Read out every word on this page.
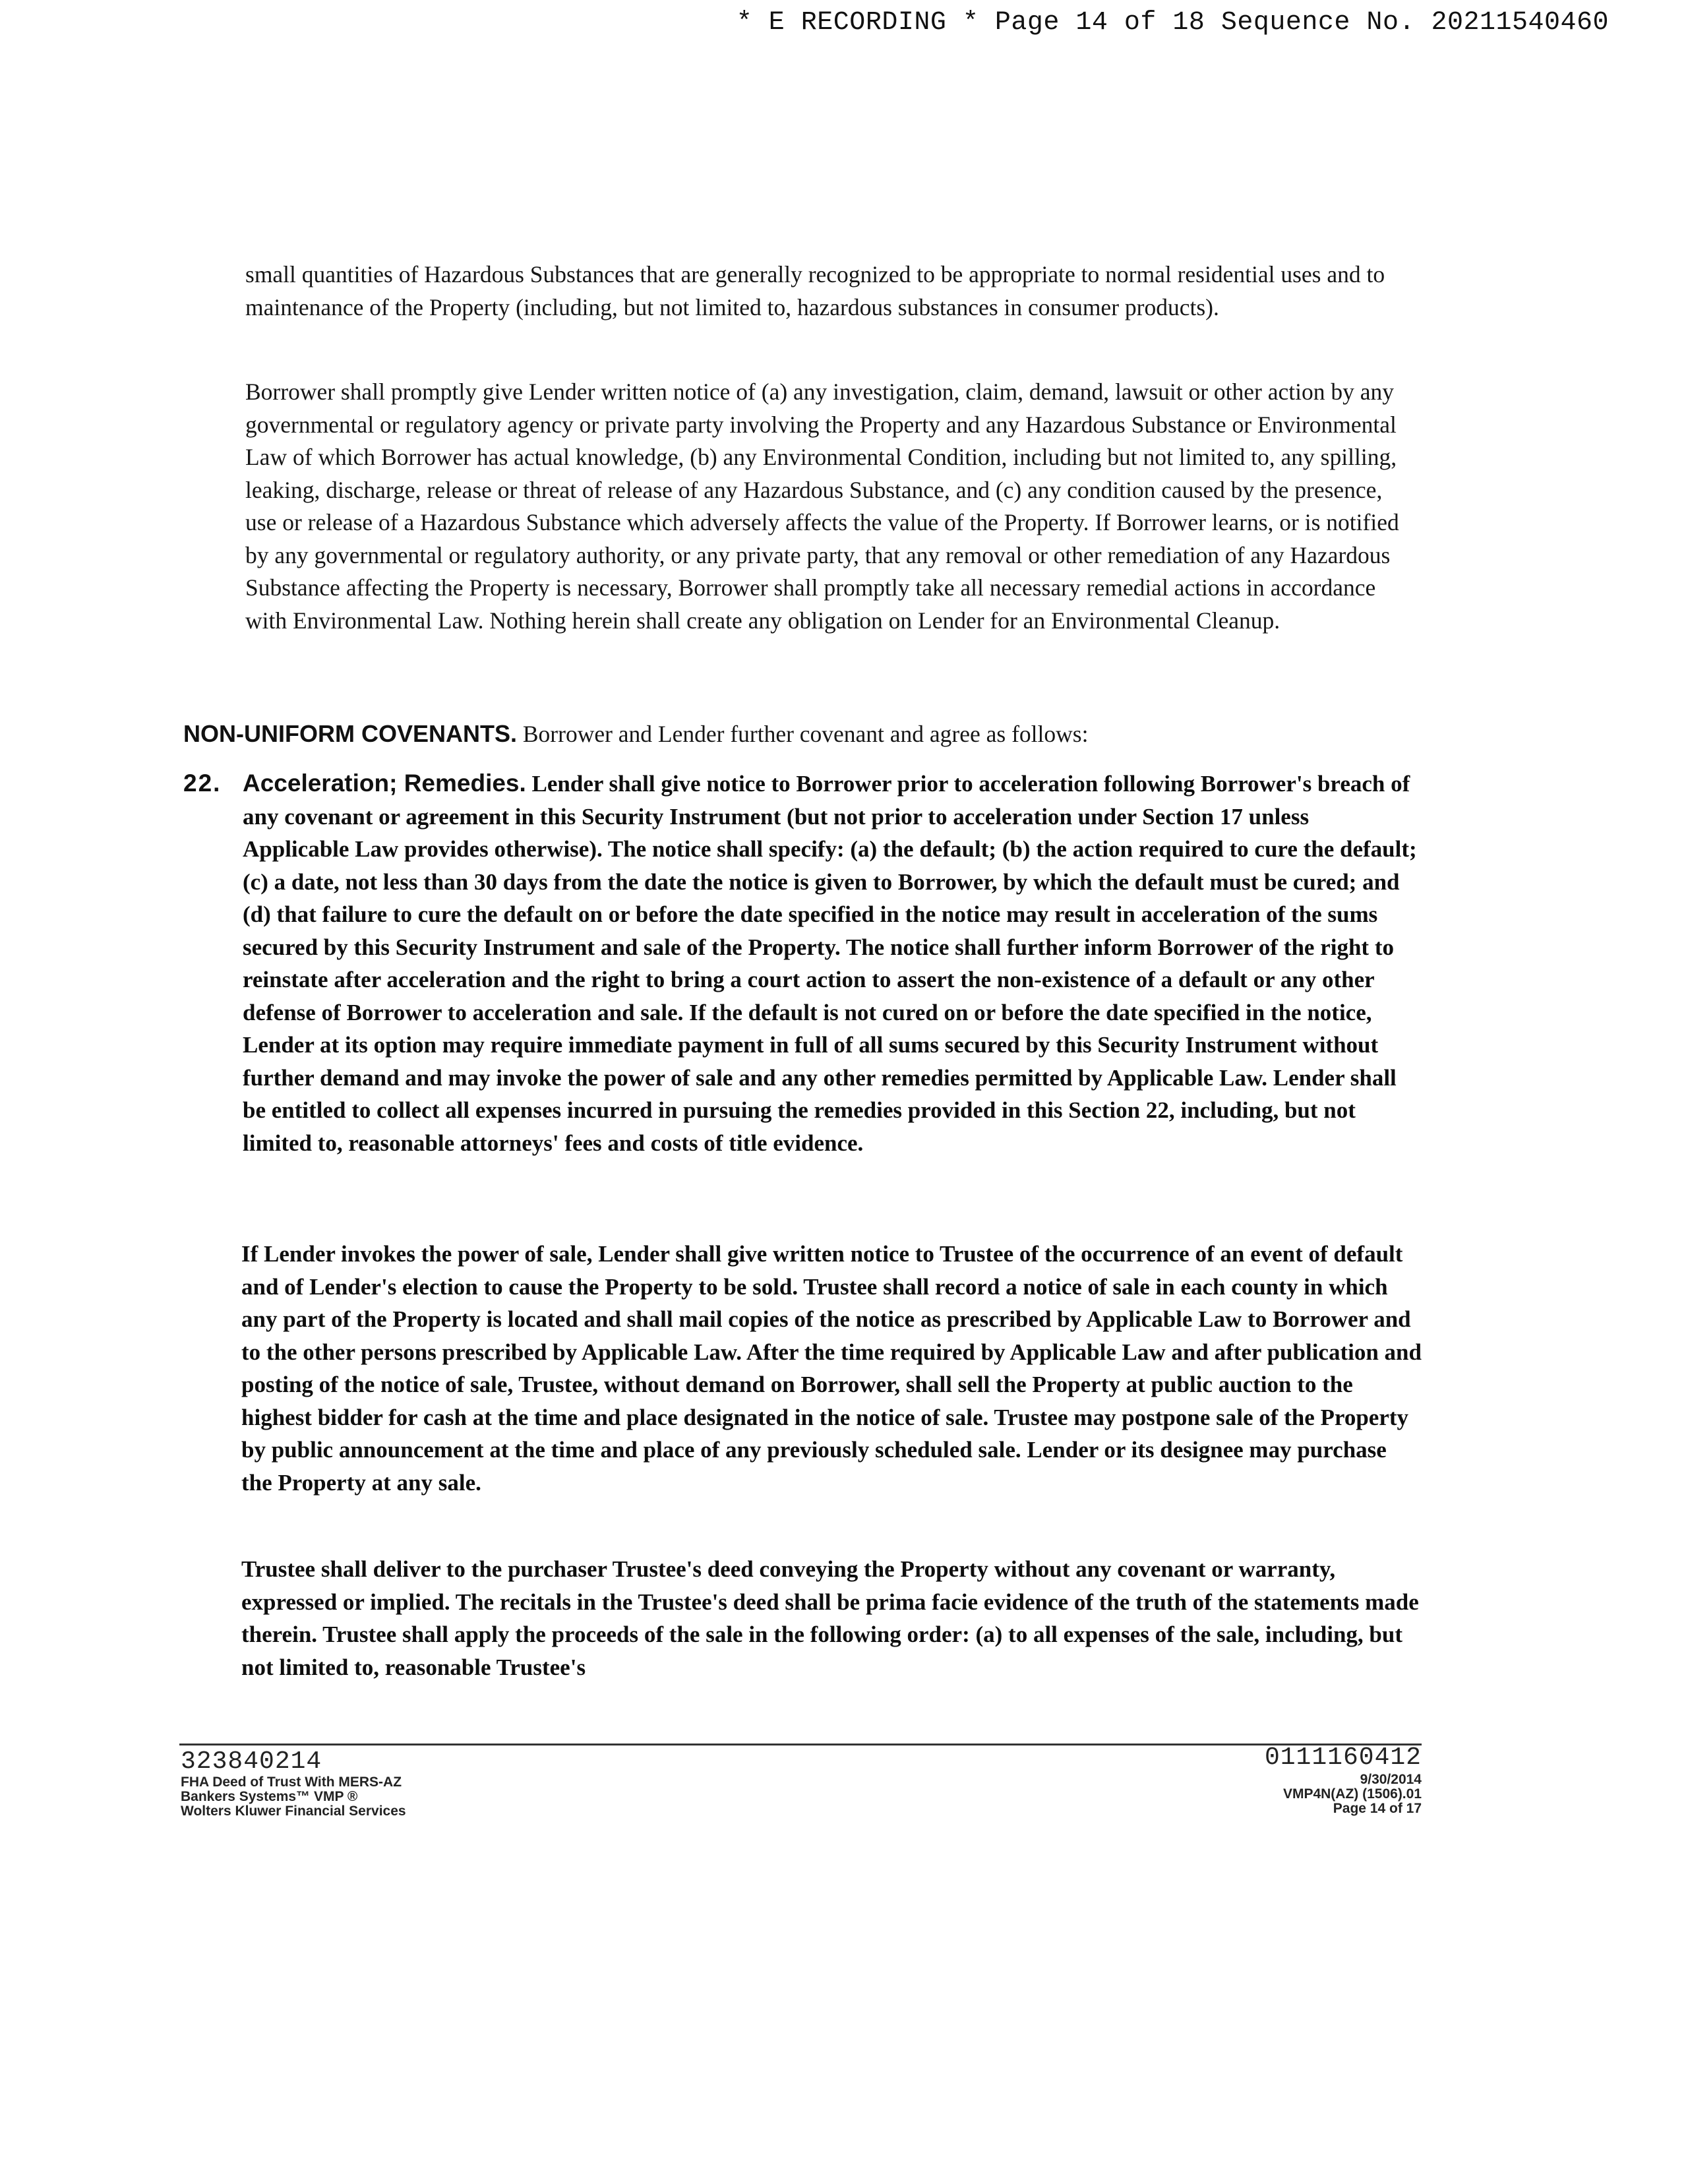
* E RECORDING * Page 14 of 18 Sequence No. 20211540460

small quantities of Hazardous Substances that are generally recognized to be appropriate to normal residential uses and to maintenance of the Property (including, but not limited to, hazardous substances in consumer products).

Borrower shall promptly give Lender written notice of (a) any investigation, claim, demand, lawsuit or other action by any governmental or regulatory agency or private party involving the Property and any Hazardous Substance or Environmental Law of which Borrower has actual knowledge, (b) any Environmental Condition, including but not limited to, any spilling, leaking, discharge, release or threat of release of any Hazardous Substance, and (c) any condition caused by the presence, use or release of a Hazardous Substance which adversely affects the value of the Property. If Borrower learns, or is notified by any governmental or regulatory authority, or any private party, that any removal or other remediation of any Hazardous Substance affecting the Property is necessary, Borrower shall promptly take all necessary remedial actions in accordance with Environmental Law. Nothing herein shall create any obligation on Lender for an Environmental Cleanup.

NON-UNIFORM COVENANTS. Borrower and Lender further covenant and agree as follows:
22. Acceleration; Remedies. Lender shall give notice to Borrower prior to acceleration following Borrower's breach of any covenant or agreement in this Security Instrument (but not prior to acceleration under Section 17 unless Applicable Law provides otherwise). The notice shall specify: (a) the default; (b) the action required to cure the default; (c) a date, not less than 30 days from the date the notice is given to Borrower, by which the default must be cured; and (d) that failure to cure the default on or before the date specified in the notice may result in acceleration of the sums secured by this Security Instrument and sale of the Property. The notice shall further inform Borrower of the right to reinstate after acceleration and the right to bring a court action to assert the non-existence of a default or any other defense of Borrower to acceleration and sale. If the default is not cured on or before the date specified in the notice, Lender at its option may require immediate payment in full of all sums secured by this Security Instrument without further demand and may invoke the power of sale and any other remedies permitted by Applicable Law. Lender shall be entitled to collect all expenses incurred in pursuing the remedies provided in this Section 22, including, but not limited to, reasonable attorneys' fees and costs of title evidence.

If Lender invokes the power of sale, Lender shall give written notice to Trustee of the occurrence of an event of default and of Lender's election to cause the Property to be sold. Trustee shall record a notice of sale in each county in which any part of the Property is located and shall mail copies of the notice as prescribed by Applicable Law to Borrower and to the other persons prescribed by Applicable Law. After the time required by Applicable Law and after publication and posting of the notice of sale, Trustee, without demand on Borrower, shall sell the Property at public auction to the highest bidder for cash at the time and place designated in the notice of sale. Trustee may postpone sale of the Property by public announcement at the time and place of any previously scheduled sale. Lender or its designee may purchase the Property at any sale.

Trustee shall deliver to the purchaser Trustee's deed conveying the Property without any covenant or warranty, expressed or implied. The recitals in the Trustee's deed shall be prima facie evidence of the truth of the statements made therein. Trustee shall apply the proceeds of the sale in the following order: (a) to all expenses of the sale, including, but not limited to, reasonable Trustee's

323840214
FHA Deed of Trust With MERS-AZ
Bankers Systems™ VMP ®
Wolters Kluwer Financial Services
0111160412
9/30/2014
VMP4N(AZ) (1506).01
Page 14 of 17
